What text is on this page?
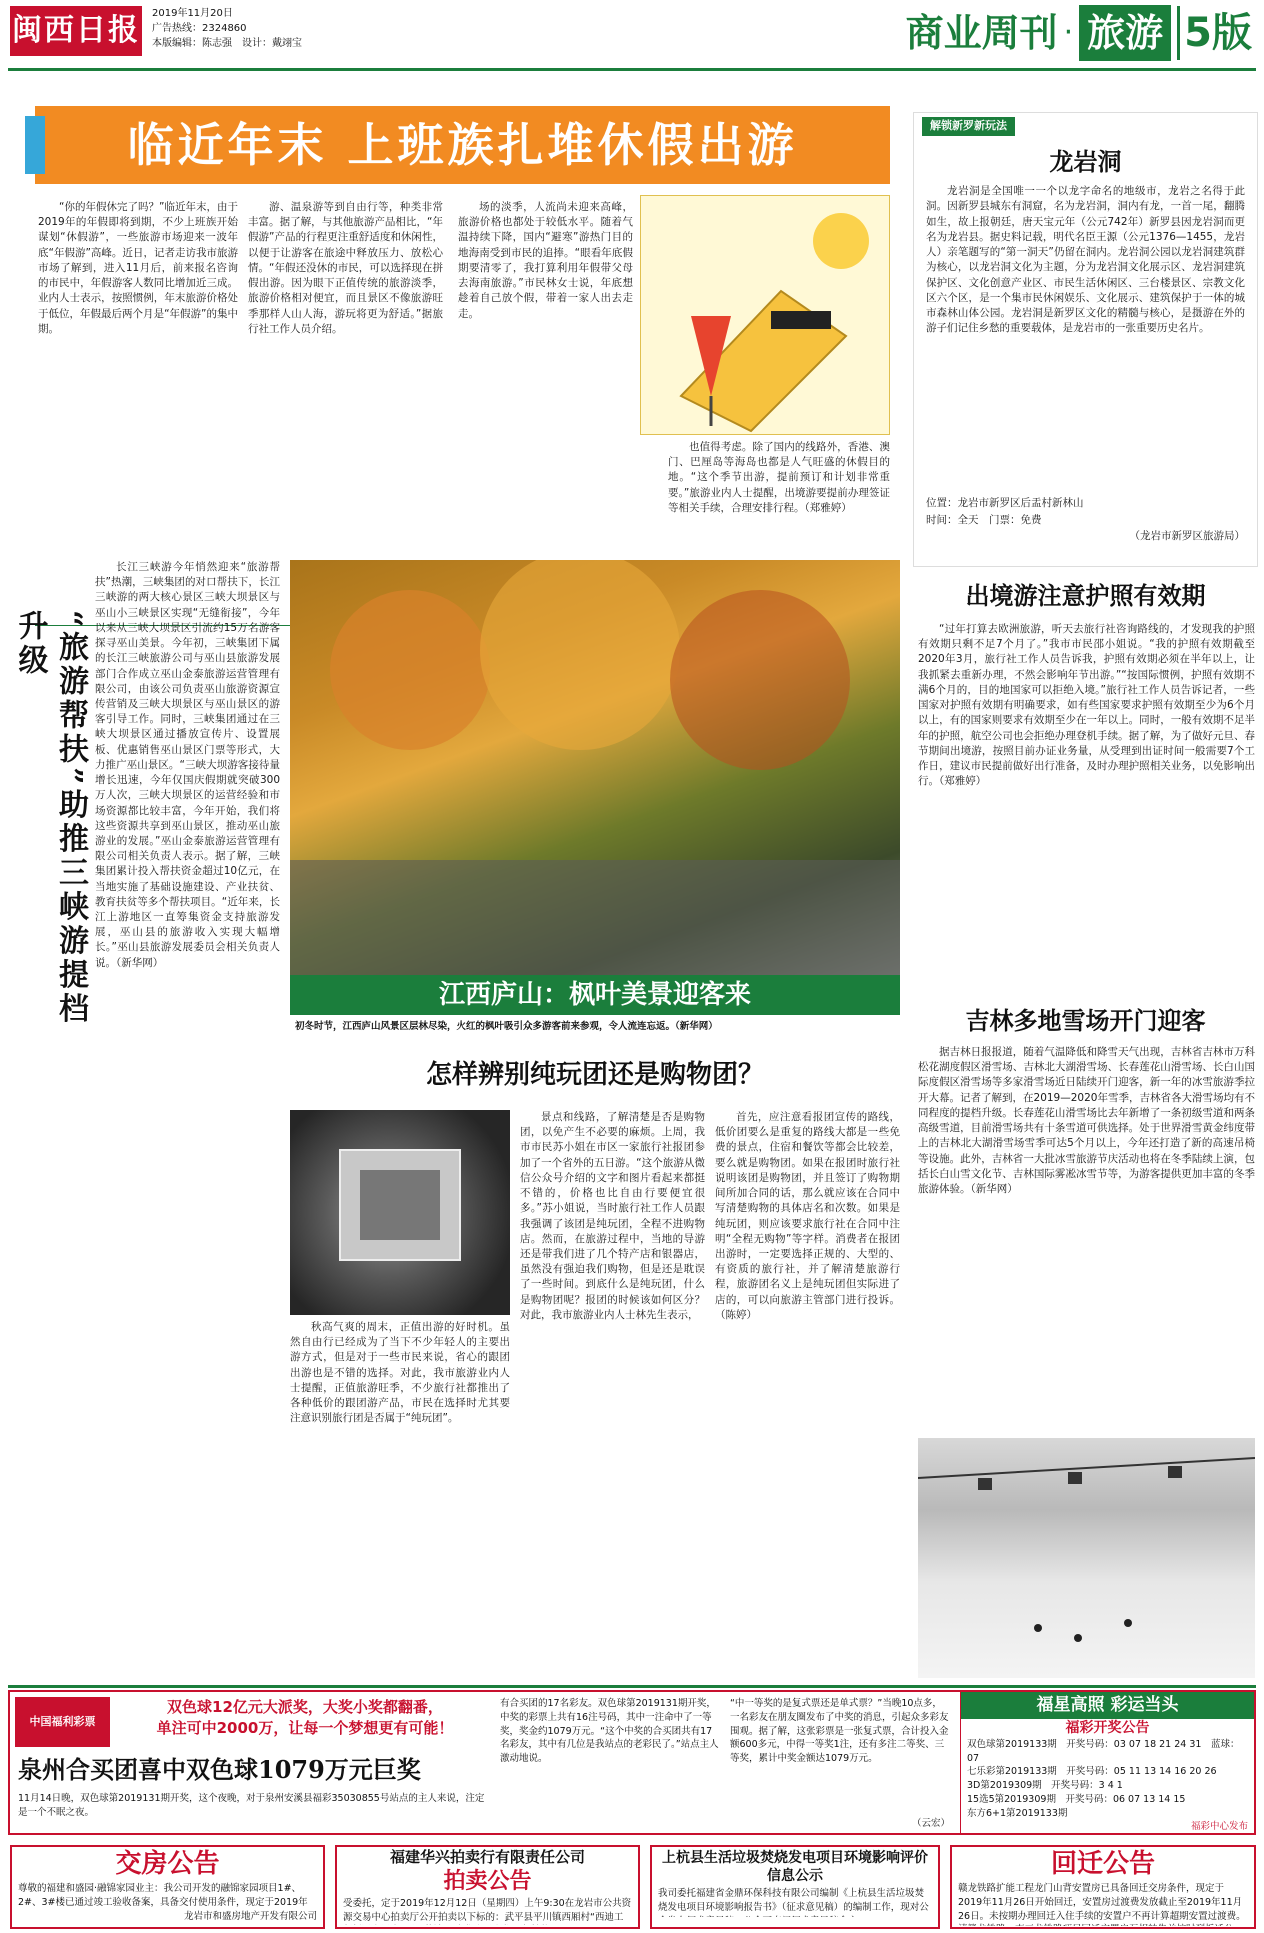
闽西日报 2019年11月20日
广告热线：2324860
本版编辑：陈志强　设计：戴翊宝	商业周刊 · 旅游 5版
临近年末 上班族扎堆休假出游

“你的年假休完了吗？”临近年末，由于2019年的年假即将到期，不少上班族开始谋划“休假游”，一些旅游市场迎来一波年底“年假游”高峰。近日，记者走访我市旅游市场了解到，进入11月后，前来报名咨询的市民中，年假游客人数同比增加近三成。业内人士表示，按照惯例，年末旅游价格处于低位，年假最后两个月是“年假游”的集中期。

游、温泉游等到自由行等，种类非常丰富。据了解，与其他旅游产品相比，“年假游”产品的行程更注重舒适度和休闲性，以便于让游客在旅途中释放压力、放松心情。“年假还没休的市民，可以选择现在拼假出游。因为眼下正值传统的旅游淡季，旅游价格相对便宜，而且景区不像旅游旺季那样人山人海，游玩将更为舒适。”据旅行社工作人员介绍。

场的淡季，人流尚未迎来高峰，旅游价格也都处于较低水平。随着气温持续下降，国内“避寒”游热门目的地海南受到市民的追捧。“眼看年底假期要清零了，我打算利用年假带父母去海南旅游。”市民林女士说，年底想趁着自己放个假，带着一家人出去走走。

也值得考虑。除了国内的线路外，香港、澳门、巴厘岛等海岛也都是人气旺盛的休假目的地。“这个季节出游，提前预订和计划非常重要。”旅游业内人士提醒，出境游要提前办理签证等相关手续，合理安排行程。（郑雅婷）

解锁新罗新玩法
龙岩洞

龙岩洞是全国唯一一个以龙字命名的地级市，龙岩之名得于此洞。因新罗县城东有洞窟，名为龙岩洞，洞内有龙，一首一尾，翻腾如生，故上报朝廷，唐天宝元年（公元742年）新罗县因龙岩洞而更名为龙岩县。据史料记载，明代名臣王源（公元1376—1455，龙岩人）亲笔题写的“第一洞天”仍留在洞内。龙岩洞公园以龙岩洞建筑群为核心，以龙岩洞文化为主题，分为龙岩洞文化展示区、龙岩洞建筑保护区、文化创意产业区、市民生活休闲区、三台楼景区、宗教文化区六个区，是一个集市民休闲娱乐、文化展示、建筑保护于一体的城市森林山体公园。龙岩洞是新罗区文化的精髓与核心，是摄游在外的游子们记住乡愁的重要载体，是龙岩市的一张重要历史名片。

位置：龙岩市新罗区后盂村新林山
时间：全天　门票：免费
（龙岩市新罗区旅游局）
出境游注意护照有效期

“过年打算去欧洲旅游，听天去旅行社咨询路线的，才发现我的护照有效期只剩不足7个月了。”我市市民邵小姐说。“我的护照有效期截至2020年3月，旅行社工作人员告诉我，护照有效期必须在半年以上，让我抓紧去重新办理，不然会影响年节出游。”“按国际惯例，护照有效期不满6个月的，目的地国家可以拒绝入境。”旅行社工作人员告诉记者，一些国家对护照有效期有明确要求，如有些国家要求护照有效期至少为6个月以上，有的国家则要求有效期至少在一年以上。同时，一般有效期不足半年的护照，航空公司也会拒绝办理登机手续。据了解，为了做好元旦、春节期间出境游，按照目前办证业务量，从受理到出证时间一般需要7个工作日，建议市民提前做好出行准备，及时办理护照相关业务，以免影响出行。（郑雅婷）

吉林多地雪场开门迎客

据吉林日报报道，随着气温降低和降雪天气出现，吉林省吉林市万科松花湖度假区滑雪场、吉林北大湖滑雪场、长春莲花山滑雪场、长白山国际度假区滑雪场等多家滑雪场近日陆续开门迎客，新一年的冰雪旅游季拉开大幕。记者了解到，在2019—2020年雪季，吉林省各大滑雪场均有不同程度的提档升级。长春莲花山滑雪场比去年新增了一条初级雪道和两条高级雪道，目前滑雪场共有十条雪道可供选择。处于世界滑雪黄金纬度带上的吉林北大湖滑雪场雪季可达5个月以上，今年还打造了新的高速吊椅等设施。此外，吉林省一大批冰雪旅游节庆活动也将在冬季陆续上演，包括长白山雪文化节、吉林国际雾凇冰雪节等，为游客提供更加丰富的冬季旅游体验。（新华网）

“旅游帮扶”助推三峡游提档升级

长江三峡游今年悄然迎来“旅游帮扶”热潮，三峡集团的对口帮扶下，长江三峡游的两大核心景区三峡大坝景区与巫山小三峡景区实现“无缝衔接”，今年以来从三峡大坝景区引流约15万名游客探寻巫山美景。今年初，三峡集团下属的长江三峡旅游公司与巫山县旅游发展部门合作成立巫山金泰旅游运营管理有限公司，由该公司负责巫山旅游资源宣传营销及三峡大坝景区与巫山景区的游客引导工作。同时，三峡集团通过在三峡大坝景区通过播放宣传片、设置展板、优惠销售巫山景区门票等形式，大力推广巫山景区。“三峡大坝游客接待量增长迅速，今年仅国庆假期就突破300万人次，三峡大坝景区的运营经验和市场资源都比较丰富，今年开始，我们将这些资源共享到巫山景区，推动巫山旅游业的发展。”巫山金泰旅游运营管理有限公司相关负责人表示。据了解，三峡集团累计投入帮扶资金超过10亿元，在当地实施了基础设施建设、产业扶贫、教育扶贫等多个帮扶项目。“近年来，长江上游地区一直筹集资金支持旅游发展，巫山县的旅游收入实现大幅增长。”巫山县旅游发展委员会相关负责人说。（新华网）

江西庐山：枫叶美景迎客来
初冬时节，江西庐山风景区层林尽染，火红的枫叶吸引众多游客前来参观，令人流连忘返。（新华网）
怎样辨别纯玩团还是购物团？

秋高气爽的周末，正值出游的好时机。虽然自由行已经成为了当下不少年轻人的主要出游方式，但是对于一些市民来说，省心的跟团出游也是不错的选择。对此，我市旅游业内人士提醒，正值旅游旺季，不少旅行社都推出了各种低价的跟团游产品，市民在选择时尤其要注意识别旅行团是否属于“纯玩团”。

景点和线路，了解清楚是否是购物团，以免产生不必要的麻烦。上周，我市市民苏小姐在市区一家旅行社报团参加了一个省外的五日游。“这个旅游从微信公众号介绍的文字和图片看起来都挺不错的，价格也比自由行要便宜很多。”苏小姐说，当时旅行社工作人员跟我强调了该团是纯玩团，全程不进购物店。然而，在旅游过程中，当地的导游还是带我们进了几个特产店和银器店，虽然没有强迫我们购物，但是还是耽误了一些时间。到底什么是纯玩团，什么是购物团呢？报团的时候该如何区分？对此，我市旅游业内人士林先生表示，

首先，应注意看报团宣传的路线，低价团要么是重复的路线大都是一些免费的景点，住宿和餐饮等都会比较差，要么就是购物团。如果在报团时旅行社说明该团是购物团，并且签订了购物期间所加合同的话，那么就应该在合同中写清楚购物的具体店名和次数。如果是纯玩团，则应该要求旅行社在合同中注明“全程无购物”等字样。消费者在报团出游时，一定要选择正规的、大型的、有资质的旅行社，并了解清楚旅游行程，旅游团名义上是纯玩团但实际进了店的，可以向旅游主管部门进行投诉。（陈婷）

中国福利彩票
双色球12亿元大派奖，大奖小奖都翻番，
单注可中2000万，让每一个梦想更有可能！
泉州合买团喜中双色球1079万元巨奖
11月14日晚，双色球第2019131期开奖，这个夜晚，对于泉州安溪县福彩35030855号站点的主人来说，注定是一个不眠之夜。
有合买团的17名彩友。双色球第2019131期开奖，中奖的彩票上共有16注号码，其中一注命中了一等奖，奖金约1079万元。“这个中奖的合买团共有17名彩友，其中有几位是我站点的老彩民了。”站点主人激动地说。
“中一等奖的是复式票还是单式票？”当晚10点多，一名彩友在朋友圈发布了中奖的消息，引起众多彩友围观。据了解，这张彩票是一张复式票，合计投入金额600多元，中得一等奖1注，还有多注二等奖、三等奖，累计中奖金额达1079万元。
（云宏）
福星高照 彩运当头
福彩开奖公告
双色球第2019133期　开奖号码：03 07 18 21 24 31　蓝球：07
七乐彩第2019133期　开奖号码：05 11 13 14 16 20 26
3D第2019309期　开奖号码：3 4 1
15选5第2019309期　开奖号码：06 07 13 14 15
东方6+1第2019133期
福彩中心发布
交房公告
尊敬的福建和盛园·融锦家园业主：我公司开发的融锦家园项目1#、2#、3#楼已通过竣工验收备案，具备交付使用条件，现定于2019年
龙岩市和盛房地产开发有限公司
福建华兴拍卖行有限责任公司
拍卖公告
受委托，定于2019年12月12日（星期四）上午9:30在龙岩市公共资源交易中心拍卖厅公开拍卖以下标的：武平县平川镇西厢村“西迪工
上杭县生活垃圾焚烧发电项目环境影响评价信息公示
我司委托福建省金鼎环保科技有限公司编制《上杭县生活垃圾焚烧发电项目环境影响报告书》（征求意见稿）的编制工作，现对公
回迁公告
赣龙铁路扩能工程龙门山背安置房已具备回迁交房条件，现定于2019年11月26日开始回迁，安置房过渡费发放截止至2019年11月26日。未按期办理回迁入住手续的安置户不再计算超期安置过渡费。
